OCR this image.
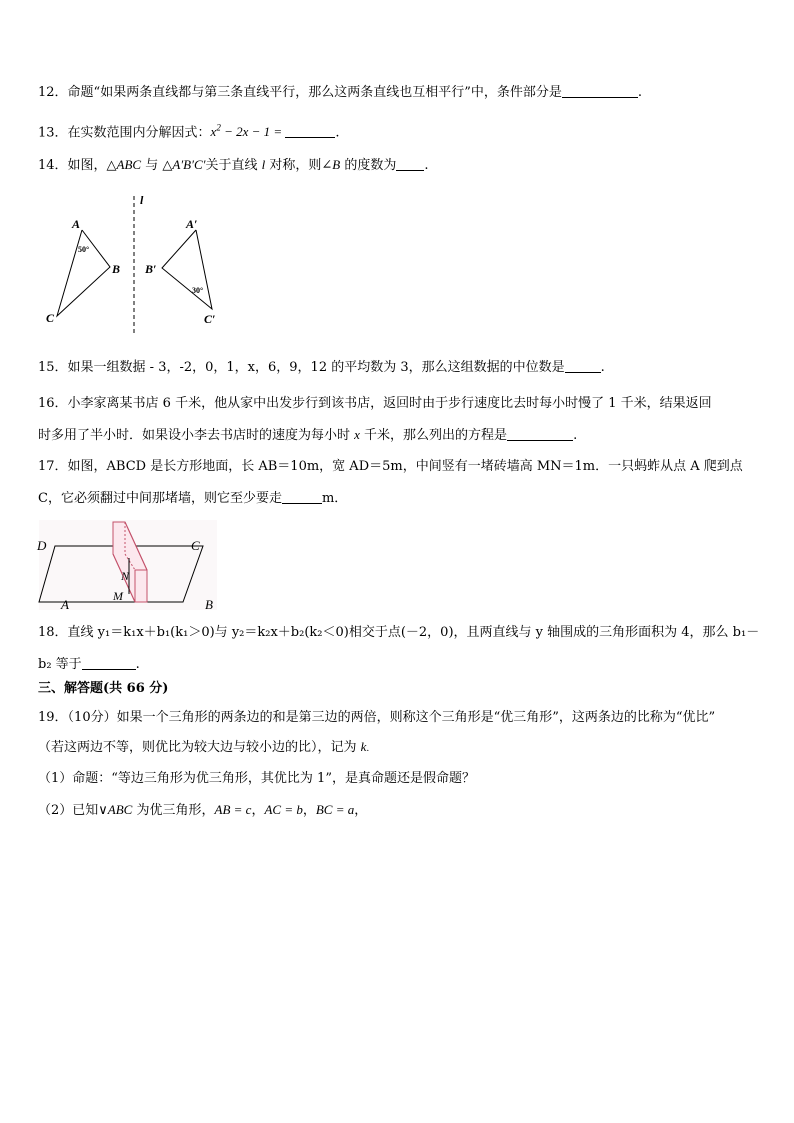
12．命题“如果两条直线都与第三条直线平行，那么这两条直线也互相平行”中，条件部分是	.
13．在实数范围内分解因式：$x^2 - 2x - 1$ =	.
14．如图，△ABC 与 △A′B′C′关于直线 l 对称，则∠B 的度数为 .
l
A
B
C
50°
A′
B′
C′
30°
15．如果一组数据 - 3，-2，0，1，x，6，9，12 的平均数为 3，那么这组数据的中位数是	.
16．小李家离某书店 6 千米，他从家中出发步行到该书店，返回时由于步行速度比去时每小时慢了 1 千米，结果返回
时多用了半小时．如果设小李去书店时的速度为每小时 x 千米，那么列出的方程是	.
17．如图，ABCD 是长方形地面，长 AB＝10m，宽 AD＝5m，中间竖有一堵砖墙高 MN＝1m．一只蚂蚱从点 A 爬到点
C，它必须翻过中间那堵墙，则它至少要走	m．
D	C
A	B
N
M
18．直线 y₁＝k₁x＋b₁(k₁＞0)与 y₂＝k₂x＋b₂(k₂＜0)相交于点(－2，0)，且两直线与 y 轴围成的三角形面积为 4，那么 b₁－
b₂ 等于	.
三、解答题(共 66 分)
19．（10分）如果一个三角形的两条边的和是第三边的两倍，则称这个三角形是“优三角形”，这两条边的比称为“优比”
（若这两边不等，则优比为较大边与较小边的比），记为 k.
（1）命题：“等边三角形为优三角形，其优比为 1”，是真命题还是假命题？
（2）已知∨ABC 为优三角形，AB = c，AC = b，BC = a，
